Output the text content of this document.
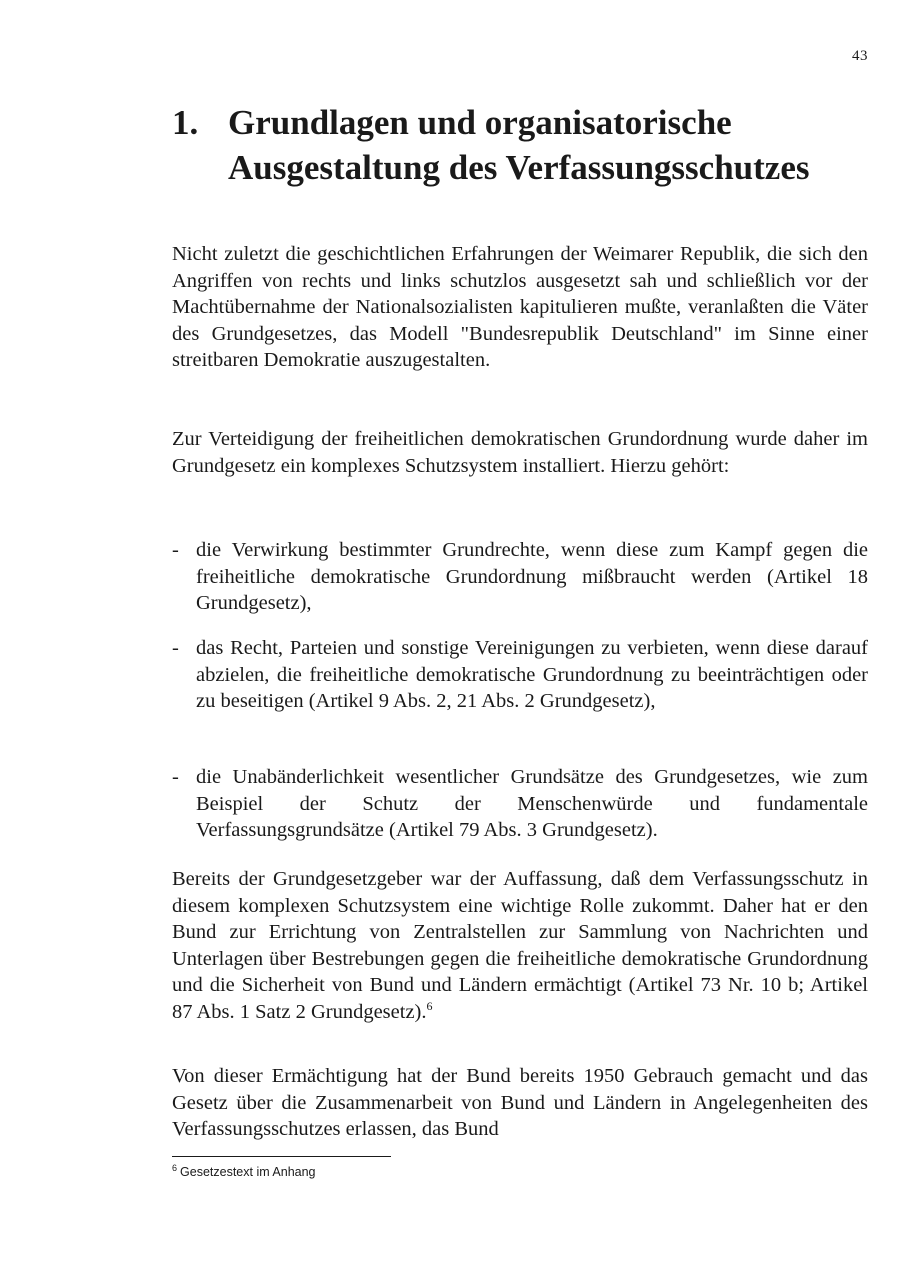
43
1. Grundlagen und organisatorische Ausgestaltung des Verfassungsschutzes

Nicht zuletzt die geschichtlichen Erfahrungen der Weimarer Republik, die sich den Angriffen von rechts und links schutzlos ausgesetzt sah und schließlich vor der Machtübernahme der Nationalsozialisten kapitulieren mußte, veranlaßten die Väter des Grundgesetzes, das Modell "Bundesrepublik Deutschland" im Sinne einer streitbaren Demokratie auszugestalten.

Zur Verteidigung der freiheitlichen demokratischen Grundordnung wurde daher im Grundgesetz ein komplexes Schutzsystem installiert. Hierzu gehört:

- die Verwirkung bestimmter Grundrechte, wenn diese zum Kampf gegen die freiheitliche demokratische Grundordnung mißbraucht werden (Artikel 18 Grundgesetz),
- das Recht, Parteien und sonstige Vereinigungen zu verbieten, wenn diese darauf abzielen, die freiheitliche demokratische Grundordnung zu beeinträchtigen oder zu beseitigen (Artikel 9 Abs. 2, 21 Abs. 2 Grundgesetz),
- die Unabänderlichkeit wesentlicher Grundsätze des Grundgesetzes, wie zum Beispiel der Schutz der Menschenwürde und fundamentale Verfassungsgrundsätze (Artikel 79 Abs. 3 Grundgesetz).

Bereits der Grundgesetzgeber war der Auffassung, daß dem Verfassungsschutz in diesem komplexen Schutzsystem eine wichtige Rolle zukommt. Daher hat er den Bund zur Errichtung von Zentralstellen zur Sammlung von Nachrichten und Unterlagen über Bestrebungen gegen die freiheitliche demokratische Grundordnung und die Sicherheit von Bund und Ländern ermächtigt (Artikel 73 Nr. 10 b; Artikel 87 Abs. 1 Satz 2 Grundgesetz).$^6$

Von dieser Ermächtigung hat der Bund bereits 1950 Gebrauch gemacht und das Gesetz über die Zusammenarbeit von Bund und Ländern in Angelegenheiten des Verfassungsschutzes erlassen, das Bund

$^6$ Gesetzestext im Anhang
